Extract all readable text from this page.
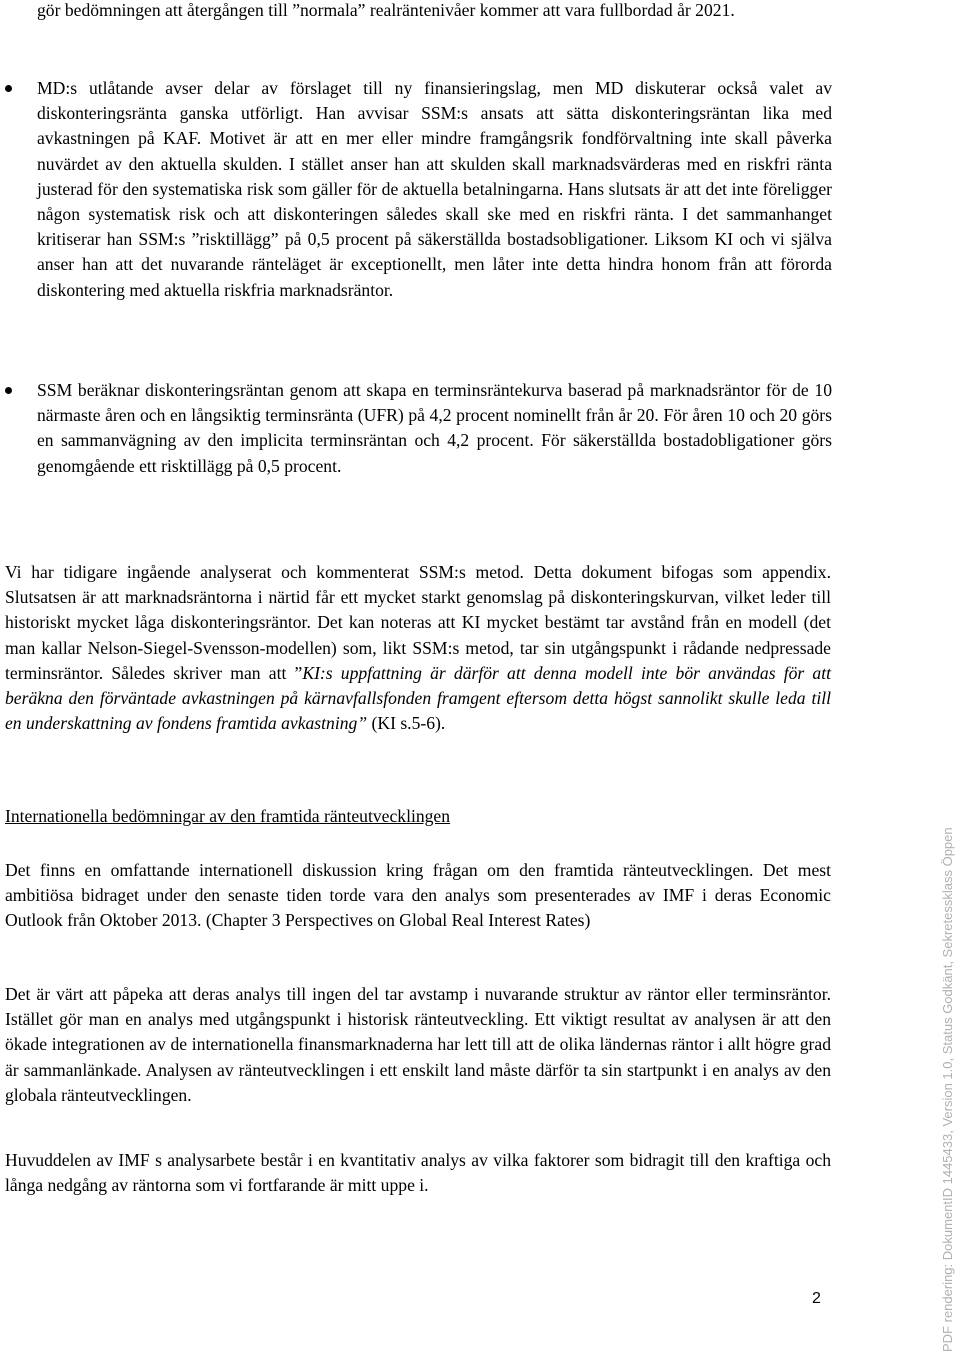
gör bedömningen att återgången till ”normala” realräntenivåer kommer att vara fullbordad år 2021.
MD:s utlåtande avser delar av förslaget till ny finansieringslag, men MD diskuterar också valet av diskonteringsränta ganska utförligt. Han avvisar SSM:s ansats att sätta diskonteringsräntan lika med avkastningen på KAF. Motivet är att en mer eller mindre framgångsrik fondförvaltning inte skall påverka nuvärdet av den aktuella skulden. I stället anser han att skulden skall marknadsvärderas med en riskfri ränta justerad för den systematiska risk som gäller för de aktuella betalningarna. Hans slutsats är att det inte föreligger någon systematisk risk och att diskonteringen således skall ske med en riskfri ränta. I det sammanhanget kritiserar han SSM:s ”risktillägg” på 0,5 procent på säkerställda bostadsobligationer. Liksom KI och vi själva anser han att det nuvarande ränteläget är exceptionellt, men låter inte detta hindra honom från att förorda diskontering med aktuella riskfria marknadsräntor.
SSM beräknar diskonteringsräntan genom att skapa en terminsräntekurva baserad på marknadsräntor för de 10 närmaste åren och en långsiktig terminsränta (UFR) på 4,2 procent nominellt från år 20. För åren 10 och 20 görs en sammanvägning av den implicita terminsräntan och 4,2 procent. För säkerställda bostadobligationer görs genomgående ett risktillägg på 0,5 procent.

Vi har tidigare ingående analyserat och kommenterat SSM:s metod. Detta dokument bifogas som appendix. Slutsatsen är att marknadsräntorna i närtid får ett mycket starkt genomslag på diskonteringskurvan, vilket leder till historiskt mycket låga diskonteringsräntor. Det kan noteras att KI mycket bestämt tar avstånd från en modell (det man kallar Nelson-Siegel-Svensson-modellen) som, likt SSM:s metod, tar sin utgångspunkt i rådande nedpressade terminsräntor. Således skriver man att ”KI:s uppfattning är därför att denna modell inte bör användas för att beräkna den förväntade avkastningen på kärnavfallsfonden framgent eftersom detta högst sannolikt skulle leda till en underskattning av fondens framtida avkastning” (KI s.5-6).

Internationella bedömningar av den framtida ränteutvecklingen

Det finns en omfattande internationell diskussion kring frågan om den framtida ränteutvecklingen. Det mest ambitiösa bidraget under den senaste tiden torde vara den analys som presenterades av IMF i deras Economic Outlook från Oktober 2013. (Chapter 3 Perspectives on Global Real Interest Rates)

Det är värt att påpeka att deras analys till ingen del tar avstamp i nuvarande struktur av räntor eller terminsräntor. Istället gör man en analys med utgångspunkt i historisk ränteutveckling. Ett viktigt resultat av analysen är att den ökade integrationen av de internationella finansmarknaderna har lett till att de olika ländernas räntor i allt högre grad är sammanlänkade. Analysen av ränteutvecklingen i ett enskilt land måste därför ta sin startpunkt i en analys av den globala ränteutvecklingen.

Huvuddelen av IMF s analysarbete består i en kvantitativ analys av vilka faktorer som bidragit till den kraftiga och långa nedgång av räntorna som vi fortfarande är mitt uppe i.

2	PDF rendering: DokumentID 1445433, Version 1.0, Status Godkänt, Sekretessklass Öppen
